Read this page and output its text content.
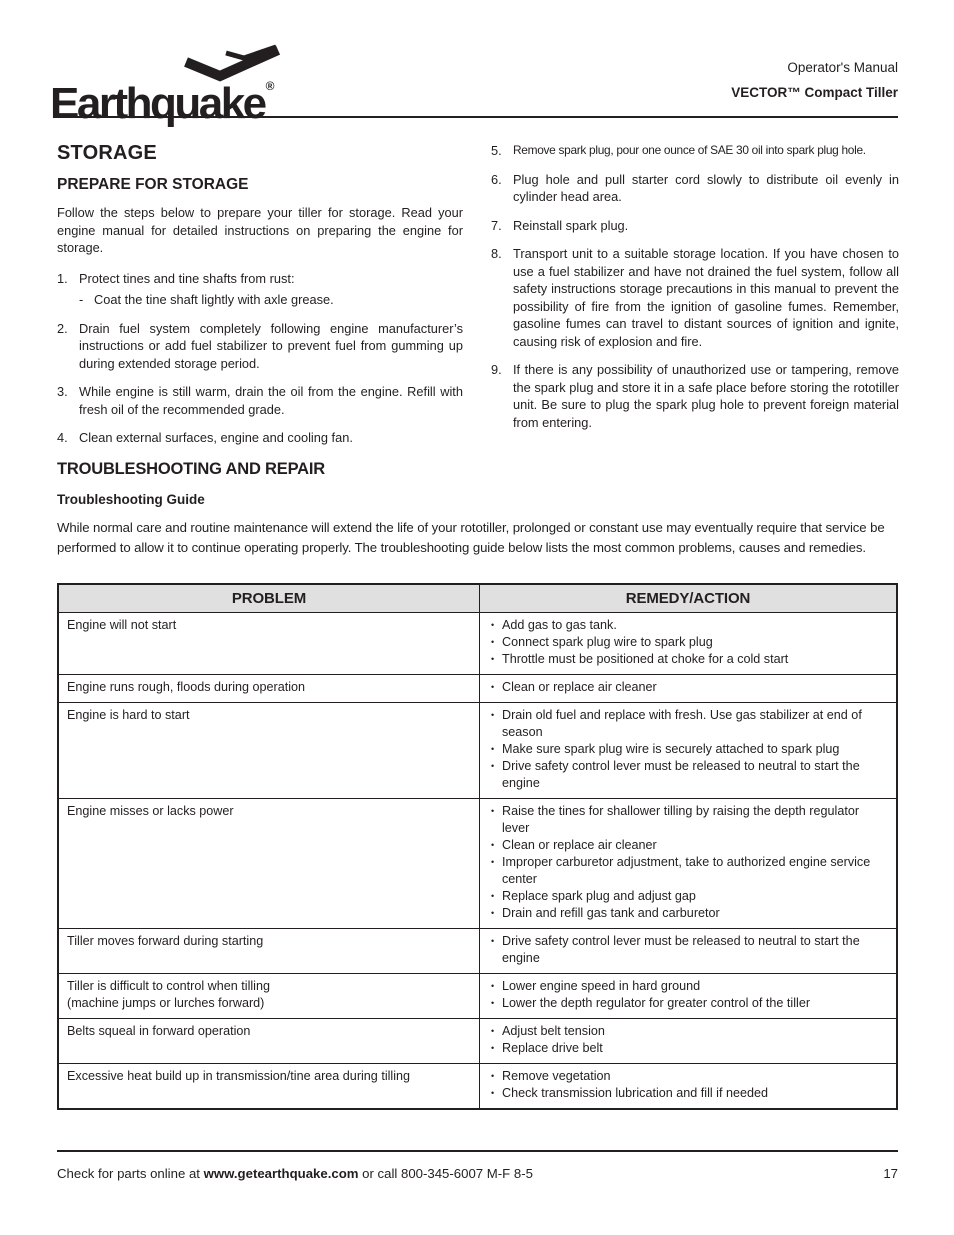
Earthquake®
Operator's Manual
VECTOR™ Compact Tiller
STORAGE
PREPARE FOR STORAGE

Follow the steps below to prepare your tiller for storage. Read your engine manual for detailed instructions on preparing the engine for storage.

1. Protect tines and tine shafts from rust:
- Coat the tine shaft lightly with axle grease.
2. Drain fuel system completely following engine manufacturer’s instructions or add fuel stabilizer to prevent fuel from gumming up during extended storage period.
3. While engine is still warm, drain the oil from the engine. Refill with fresh oil of the recommended grade.
4. Clean external surfaces, engine and cooling fan.
5. Remove spark plug, pour one ounce of SAE 30 oil into spark plug hole.
6. Plug hole and pull starter cord slowly to distribute oil evenly in cylinder head area.
7. Reinstall spark plug.
8. Transport unit to a suitable storage location. If you have chosen to use a fuel stabilizer and have not drained the fuel system, follow all safety instructions storage precautions in this manual to prevent the possibility of fire from the ignition of gasoline fumes. Remember, gasoline fumes can travel to distant sources of ignition and ignite, causing risk of explosion and fire.
9. If there is any possibility of unauthorized use or tampering, remove the spark plug and store it in a safe place before storing the rototiller unit. Be sure to plug the spark plug hole to prevent foreign material from entering.
TROUBLESHOOTING AND REPAIR
Troubleshooting Guide

While normal care and routine maintenance will extend the life of your rototiller, prolonged or constant use may eventually require that service be performed to allow it to continue operating properly. The troubleshooting guide below lists the most common problems, causes and remedies.

PROBLEM	REMEDY/ACTION
Engine will not start	• Add gas to gas tank.
• Connect spark plug wire to spark plug
• Throttle must be positioned at choke for a cold start
Engine runs rough, floods during operation	• Clean or replace air cleaner
Engine is hard to start	• Drain old fuel and replace with fresh. Use gas stabilizer at end of season
• Make sure spark plug wire is securely attached to spark plug
• Drive safety control lever must be released to neutral to start the engine
Engine misses or lacks power	• Raise the tines for shallower tilling by raising the depth regulator lever
• Clean or replace air cleaner
• Improper carburetor adjustment, take to authorized engine service center
• Replace spark plug and adjust gap
• Drain and refill gas tank and carburetor
Tiller moves forward during starting	• Drive safety control lever must be released to neutral to start the engine
Tiller is difficult to control when tilling
(machine jumps or lurches forward)
• Lower engine speed in hard ground
• Lower the depth regulator for greater control of the tiller
Belts squeal in forward operation	• Adjust belt tension
• Replace drive belt
Excessive heat build up in transmission/tine area during tilling	• Remove vegetation
• Check transmission lubrication and fill if needed
Check for parts online at www.getearthquake.com or call 800-345-6007 M-F 8-5	17
